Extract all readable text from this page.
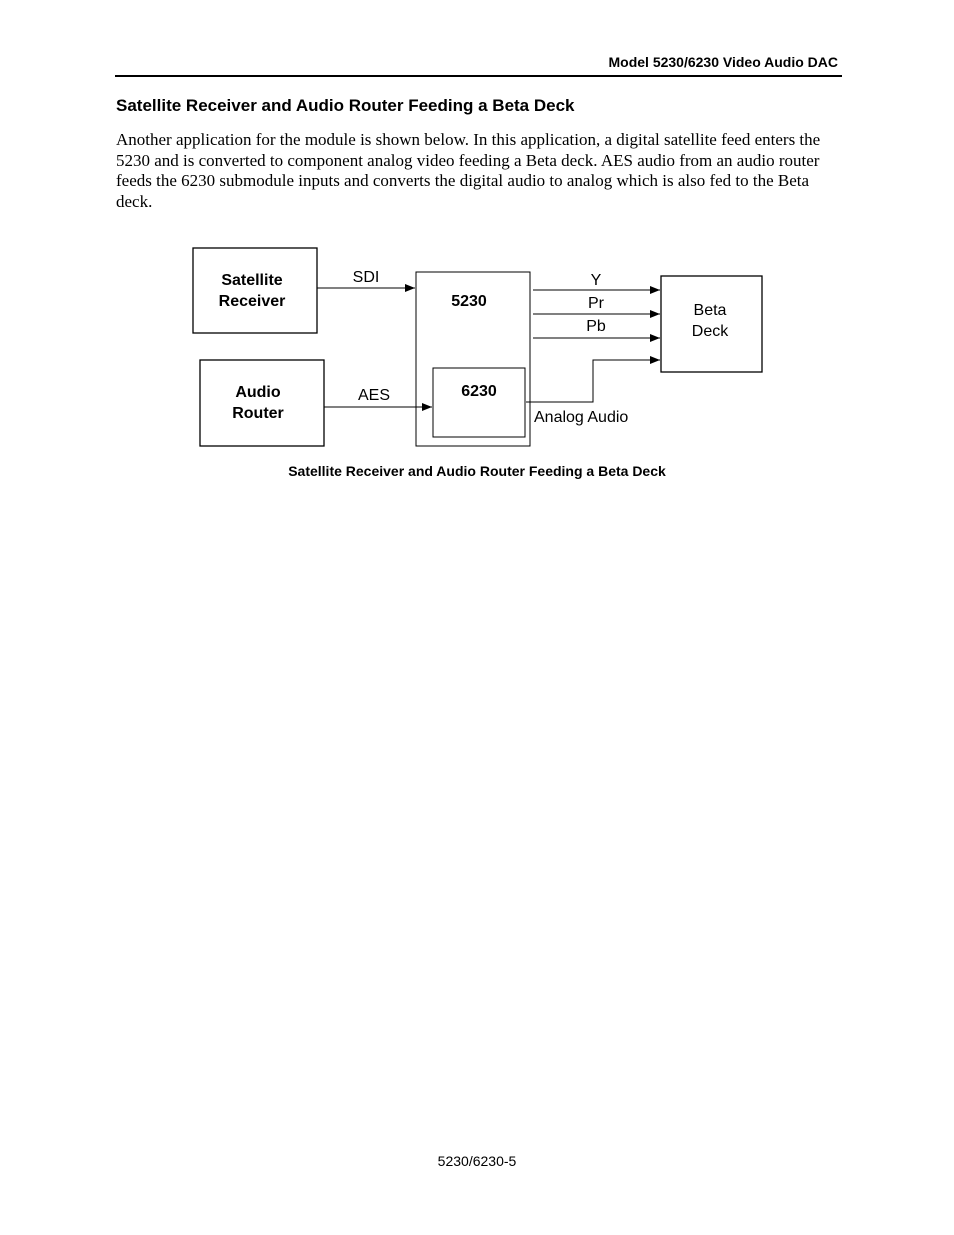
Model 5230/6230 Video Audio DAC
Satellite Receiver and Audio Router Feeding a Beta Deck

Another application for the module is shown below. In this application, a digital satellite feed enters the 5230 and is converted to component analog video feeding a Beta deck. AES audio from an audio router feeds the 6230 submodule inputs and converts the digital audio to analog which is also fed to the Beta deck.

Satellite
Receiver
Audio
Router
5230
6230
Beta
Deck
SDI
AES
Y
Pr
Pb
Analog Audio
Satellite Receiver and Audio Router Feeding a Beta Deck
5230/6230-5
